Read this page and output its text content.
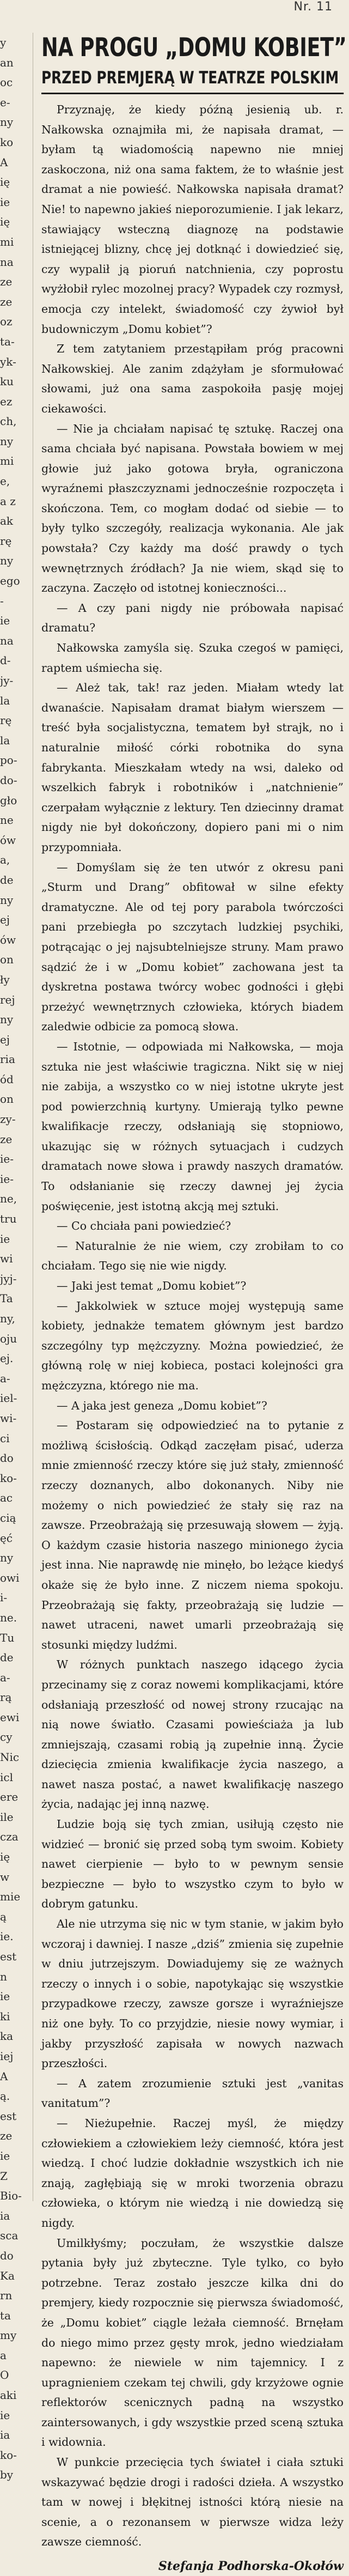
Nr. 11

y

an

oc

e-

ny

ko

A

ię

ie

ię

mi

na

ze

ze

oz

ta-

yk-

ku

ez

ch,

ny

mi

e,

a z

ak

rę

ny

ego

-

ie

na

d-

jy-

la

rę

la

po-

do-

gło

ne

ów

a,

de

ny

ej

ów

on

ły

rej

ny

ej

ria

ód

on

zy-

ze

ie-

ie-

ne,

tru

ie

wi

jyj-

Ta

ny,

oju

ej.

a-

iel-

wi-

ci

do

ko-

ac

cią

ęć

ny

owi

i-

ne.

Tu

de

a-

rą

ewi

cy

Nic

icl

ere

ile

cza

ię

w

mie

ą

ie.

est

n

ie

ki

ka

iej

A

ą.

est

ze

ie

Z

Bio-

ia

sca

do

Ka

rn

ta

my

a

O

aki

ie

ia

ko-

by

NA PROGU „DOMU KOBIET”
PRZED PREMJERĄ W TEATRZE POLSKIM

Przyznaję, że kiedy późną jesienią ub. r. Nałkowska oznajmiła mi, że napisała dramat, — byłam tą wiadomością napewno nie mniej zaskoczona, niż ona sama faktem, że to właśnie jest dramat a nie powieść. Nałkowska napisała dramat? Nie! to napewno jakieś nieporozumienie. I jak lekarz, stawiający wsteczną diagnozę na podstawie istniejącej blizny, chcę jej dotknąć i dowiedzieć się, czy wypalił ją pioruń natchnienia, czy poprostu wyżłobił rylec mozolnej pracy? Wypadek czy rozmysł, emocja czy intelekt, świadomość czy żywioł był budowniczym „Domu kobiet”?

Z tem zatytaniem przestąpiłam próg pracowni Nałkowskiej. Ale zanim zdążyłam je sformułować słowami, już ona sama zaspokoiła pasję mojej ciekawości.

— Nie ja chciałam napisać tę sztukę. Raczej ona sama chciała być napisana. Powstała bowiem w mej głowie już jako gotowa bryła, ograniczona wyraźnemi płaszczyznami jednocześnie rozpoczęta i skończona. Tem, co mogłam dodać od siebie — to były tylko szczegóły, realizacja wykonania. Ale jak powstała? Czy każdy ma dość prawdy o tych wewnętrznych źródłach? Ja nie wiem, skąd się to zaczyna. Zaczęło od istotnej konieczności...

— A czy pani nigdy nie próbowała napisać dramatu?

Nałkowska zamyśla się. Szuka czegoś w pamięci, raptem uśmiecha się.

— Ależ tak, tak! raz jeden. Miałam wtedy lat dwanaście. Napisałam dramat białym wierszem — treść była socjalistyczna, tematem był strajk, no i naturalnie miłość córki robotnika do syna fabrykanta. Mieszkałam wtedy na wsi, daleko od wszelkich fabryk i robotników i „natchnienie” czerpałam wyłącznie z lektury. Ten dziecinny dramat nigdy nie był dokończony, dopiero pani mi o nim przypomniała.

— Domyślam się że ten utwór z okresu pani „Sturm und Drang” obfitował w silne efekty dramatyczne. Ale od tej pory parabola twórczości pani przebiegła po szczytach ludzkiej psychiki, potrącając o jej najsubtelniejsze struny. Mam prawo sądzić że i w „Domu kobiet” zachowana jest ta dyskretna postawa twórcy wobec godności i głębi przeżyć wewnętrznych człowieka, których biadem zaledwie odbicie za pomocą słowa.

— Istotnie, — odpowiada mi Nałkowska, — moja sztuka nie jest właściwie tragiczna. Nikt się w niej nie zabija, a wszystko co w niej istotne ukryte jest pod powierzchnią kurtyny. Umierają tylko pewne kwalifikacje rzeczy, odsłaniają się stopniowo, ukazując się w różnych sytuacjach i cudzych dramatach nowe słowa i prawdy naszych dramatów. To odsłanianie się rzeczy dawnej jej życia poświęcenie, jest istotną akcją mej sztuki.

— Co chciała pani powiedzieć?

— Naturalnie że nie wiem, czy zrobiłam to co chciałam. Tego się nie wie nigdy.

— Jaki jest temat „Domu kobiet”?

— Jakkolwiek w sztuce mojej występują same kobiety, jednakże tematem głównym jest bardzo szczególny typ mężczyzny. Można powiedzieć, że główną rolę w niej kobieca, postaci kolejności gra mężczyzna, którego nie ma.

— A jaka jest geneza „Domu kobiet”?

— Postaram się odpowiedzieć na to pytanie z możliwą ścisłością. Odkąd zaczęłam pisać, uderza mnie zmienność rzeczy które się już stały, zmienność rzeczy doznanych, albo dokonanych. Niby nie możemy o nich powiedzieć że stały się raz na zawsze. Przeobrażają się przesuwają słowem — żyją. O każdym czasie historia naszego minionego życia jest inna. Nie naprawdę nie minęło, bo leżące kiedyś okaże się że było inne. Z niczem niema spokoju. Przeobrażają się fakty, przeobrażają się ludzie — nawet utraceni, nawet umarli przeobrażają się stosunki między ludźmi.

W różnych punktach naszego idącego życia przecinamy się z coraz nowemi komplikacjami, które odsłaniają przeszłość od nowej strony rzucając na nią nowe światło. Czasami powieściaża ja lub zmniejszają, czasami robią ją zupełnie inną. Życie dziecięcia zmienia kwalifikacje życia naszego, a nawet nasza postać, a nawet kwalifikację naszego życia, nadając jej inną nazwę.

Ludzie boją się tych zmian, usiłują często nie widzieć — bronić się przed sobą tym swoim. Kobiety nawet cierpienie — było to w pewnym sensie bezpieczne — było to wszystko czym to było w dobrym gatunku.

Ale nie utrzyma się nic w tym stanie, w jakim było wczoraj i dawniej. I nasze „dziś” zmienia się zupełnie w dniu jutrzejszym. Dowiadujemy się ze ważnych rzeczy o innych i o sobie, napotykając się wszystkie przypadkowe rzeczy, zawsze gorsze i wyraźniejsze niż one były. To co przyjdzie, niesie nowy wymiar, i jakby przyszłość zapisała w nowych nazwach przeszłości.

— A zatem zrozumienie sztuki jest „vanitas vanitatum”?

— Nieżupełnie. Raczej myśl, że między człowiekiem a człowiekiem leży ciemność, która jest wiedzą. I choć ludzie dokładnie wszystkich ich nie znają, zagłębiają się w mroki tworzenia obrazu człowieka, o którym nie wiedzą i nie dowiedzą się nigdy.

Umilkłyśmy; poczułam, że wszystkie dalsze pytania były już zbyteczne. Tyle tylko, co było potrzebne. Teraz zostało jeszcze kilka dni do premjery, kiedy rozpocznie się pierwsza świadomość, że „Domu kobiet” ciągle leżała ciemność. Brnęłam do niego mimo przez gęsty mrok, jedno wiedziałam napewno: że niewiele w nim tajemnicy. I z upragnieniem czekam tej chwili, gdy krzyżowe ognie reflektorów scenicznych padną na wszystko zaintersowanych, i gdy wszystkie przed sceną sztuka i widownia.

W punkcie przecięcia tych świateł i ciała sztuki wskazywać będzie drogi i radości dzieła. A wszystko tam w nowej i błękitnej istności którą niesie na scenie, a o rezonansem w pierwsze widza leży zawsze ciemność.

Stefanja Podhorska-Okołów
